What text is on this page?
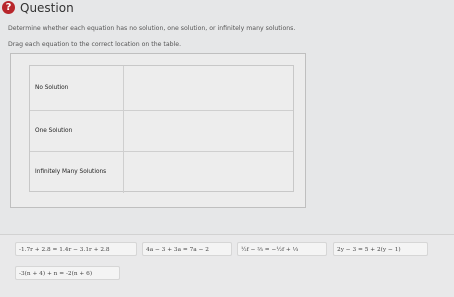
? Question
Determine whether each equation has no solution, one solution, or infinitely many solutions.
Drag each equation to the correct location on the table.
No Solution
One Solution
Infinitely Many Solutions
-1.7r + 2.8 = 1.4r − 3.1r + 2.8	4a − 3 + 3a = 7a − 2	½f − ⅔ = −½f + ⅓	2y − 3 = 5 + 2(y − 1)
-3(n + 4) + n = -2(n + 6)
